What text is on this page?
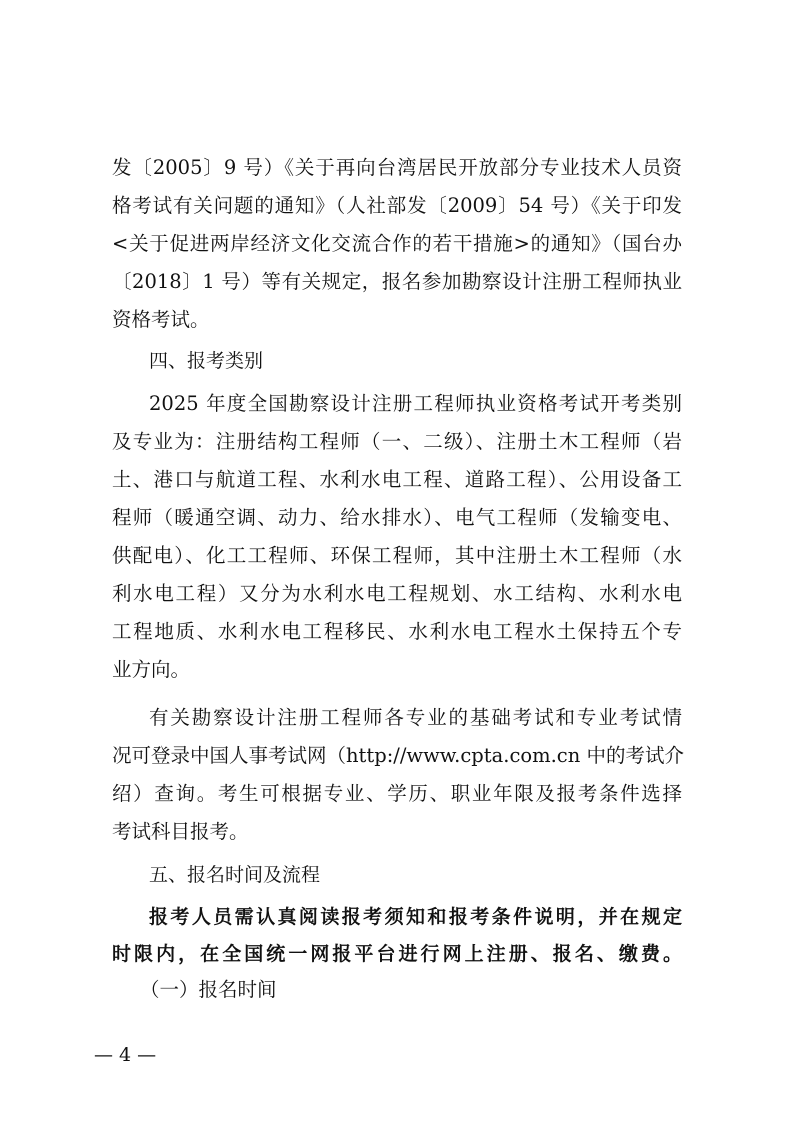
发〔2005〕9 号）《关于再向台湾居民开放部分专业技术人员资
格考试有关问题的通知》（人社部发〔2009〕54 号）《关于印发
<关于促进两岸经济文化交流合作的若干措施>的通知》（国台办
〔2018〕1 号）等有关规定，报名参加勘察设计注册工程师执业
资格考试。
四、报考类别
2025 年度全国勘察设计注册工程师执业资格考试开考类别
及专业为：注册结构工程师（一、二级）、注册土木工程师（岩
土、港口与航道工程、水利水电工程、道路工程）、公用设备工
程师（暖通空调、动力、给水排水）、电气工程师（发输变电、
供配电）、化工工程师、环保工程师，其中注册土木工程师（水
利水电工程）又分为水利水电工程规划、水工结构、水利水电
工程地质、水利水电工程移民、水利水电工程水土保持五个专
业方向。
有关勘察设计注册工程师各专业的基础考试和专业考试情
况可登录中国人事考试网（http://www.cpta.com.cn 中的考试介
绍）查询。考生可根据专业、学历、职业年限及报考条件选择
考试科目报考。
五、报名时间及流程
报考人员需认真阅读报考须知和报考条件说明，并在规定
时限内，在全国统一网报平台进行网上注册、报名、缴费。
（一）报名时间
— 4 —
